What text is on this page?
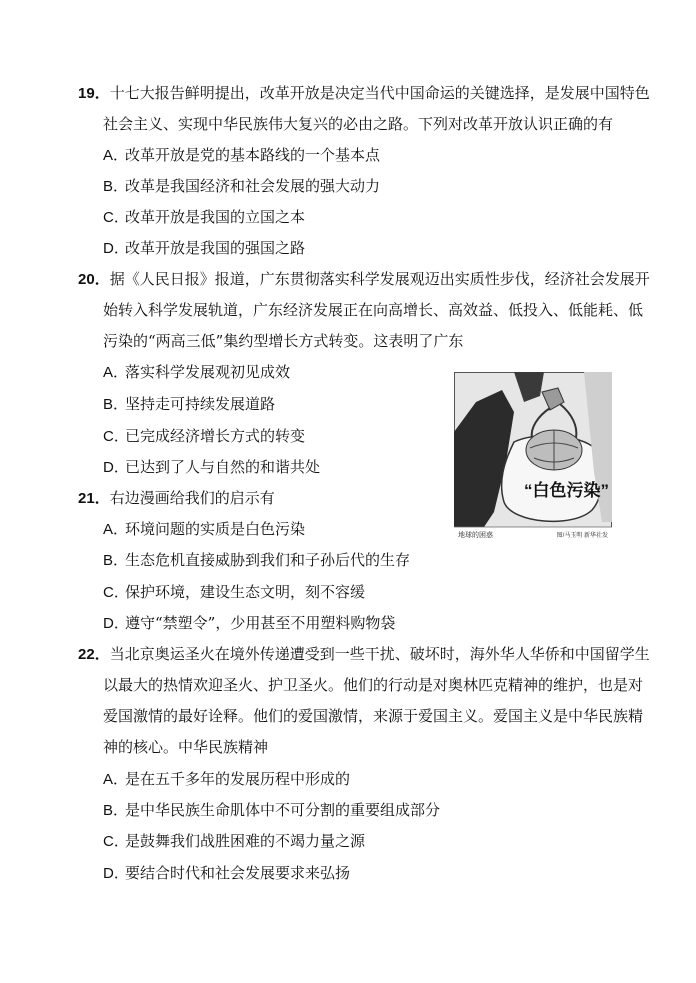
19．十七大报告鲜明提出，改革开放是决定当代中国命运的关键选择，是发展中国特色
社会主义、实现中华民族伟大复兴的必由之路。下列对改革开放认识正确的有
A．改革开放是党的基本路线的一个基本点
B．改革是我国经济和社会发展的强大动力
C．改革开放是我国的立国之本
D．改革开放是我国的强国之路
20．据《人民日报》报道，广东贯彻落实科学发展观迈出实质性步伐，经济社会发展开
始转入科学发展轨道，广东经济发展正在向高增长、高效益、低投入、低能耗、低
污染的“两高三低”集约型增长方式转变。这表明了广东
A．落实科学发展观初见成效
B．坚持走可持续发展道路
C．已完成经济增长方式的转变
D．已达到了人与自然的和谐共处
21．右边漫画给我们的启示有
A．环境问题的实质是白色污染
B．生态危机直接威胁到我们和子孙后代的生存
C．保护环境，建设生态文明，刻不容缓
D．遵守“禁塑令”，少用甚至不用塑料购物袋
22．当北京奥运圣火在境外传递遭受到一些干扰、破坏时，海外华人华侨和中国留学生
以最大的热情欢迎圣火、护卫圣火。他们的行动是对奥林匹克精神的维护，也是对
爱国激情的最好诠释。他们的爱国激情，来源于爱国主义。爱国主义是中华民族精
神的核心。中华民族精神
A．是在五千多年的发展历程中形成的
B．是中华民族生命肌体中不可分割的重要组成部分
C．是鼓舞我们战胜困难的不竭力量之源
D．要结合时代和社会发展要求来弘扬
“白色污染”
地球的困惑	图/马玉明 新华社发
